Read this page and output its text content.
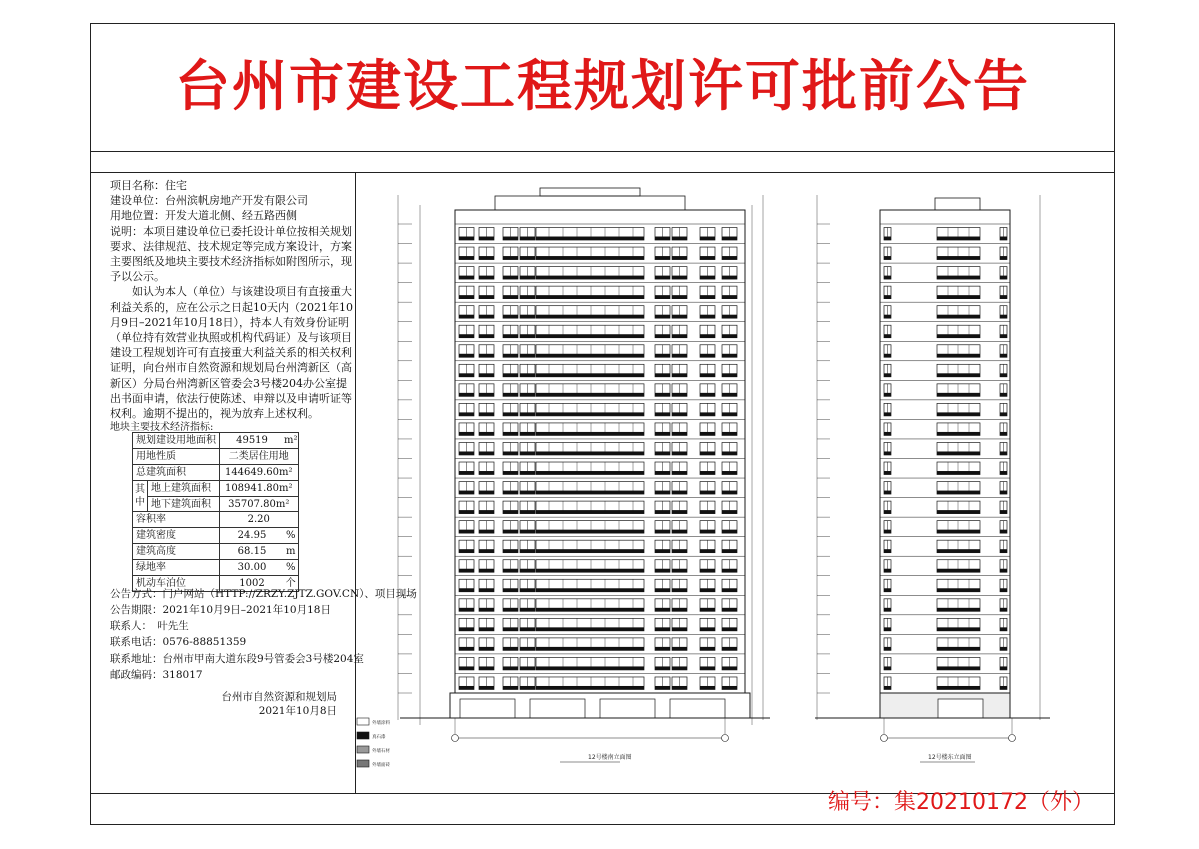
台州市建设工程规划许可批前公告

项目名称：住宅

建设单位：台州滨帆房地产开发有限公司

用地位置：开发大道北侧、经五路西侧

说明：本项目建设单位已委托设计单位按相关规划要求、法律规范、技术规定等完成方案设计，方案主要图纸及地块主要技术经济指标如附图所示，现予以公示。

如认为本人（单位）与该建设项目有直接重大利益关系的，应在公示之日起10天内（2021年10月9日–2021年10月18日），持本人有效身份证明（单位持有效营业执照或机构代码证）及与该项目建设工程规划许可有直接重大利益关系的相关权利证明，向台州市自然资源和规划局台州湾新区（高新区）分局台州湾新区管委会3号楼204办公室提出书面申请，依法行使陈述、申辩以及申请听证等权利。逾期不提出的，视为放弃上述权利。

地块主要技术经济指标:
规划建设用地面积		49519	m²
用地性质		二类居住用地	
总建筑面积		144649.60m²	
其
中	地上建筑面积	108941.80m²	
	地下建筑面积	35707.80m²	
容积率		2.20	
建筑密度		24.95	%
建筑高度		68.15	m
绿地率		30.00	%
机动车泊位		1002	个
公告方式：门户网站（HTTP://ZRZY.ZJTZ.GOV.CN）、项目现场
公告期限：2021年10月9日–2021年10月18日
联系人：　叶先生
联系电话：0576-88851359
联系地址：台州市甲南大道东段9号管委会3号楼204室
邮政编码：318017
台州市自然资源和规划局
2021年10月8日
外墙涂料
真石漆
外墙石材
外墙面砖
12号楼南立面图	12号楼东立面图
编号：集20210172（外）
